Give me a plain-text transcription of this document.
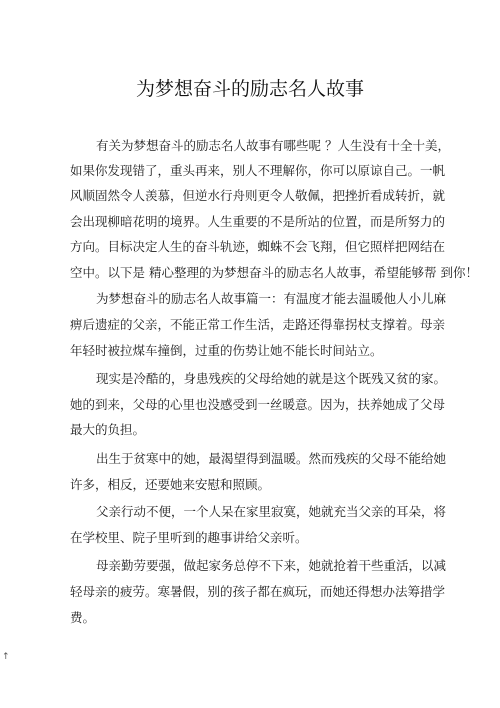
为梦想奋斗的励志名人故事
有关为梦想奋斗的励志名人故事有哪些呢 ？人生没有十全十美，
如果你发现错了，重头再来，别人不理解你，你可以原谅自己。一帆
风顺固然令人羡慕，但逆水行舟则更令人敬佩，把挫折看成转折，就
会出现柳暗花明的境界。人生重要的不是所站的位置，而是所努力的
方向。目标决定人生的奋斗轨迹，蜘蛛不会飞翔，但它照样把网结在
空中。以下是 精心整理的为梦想奋斗的励志名人故事，希望能够帮 到你！
为梦想奋斗的励志名人故事篇一：有温度才能去温暖他人小儿麻
痹后遗症的父亲，不能正常工作生活，走路还得靠拐杖支撑着。母亲
年轻时被拉煤车撞倒，过重的伤势让她不能长时间站立。
现实是冷酷的，身患残疾的父母给她的就是这个既残又贫的家。
她的到来，父母的心里也没感受到一丝暖意。因为，扶养她成了父母
最大的负担。
出生于贫寒中的她，最渴望得到温暖。然而残疾的父母不能给她
许多，相反，还要她来安慰和照顾。
父亲行动不便，一个人呆在家里寂寞，她就充当父亲的耳朵，将
在学校里、院子里听到的趣事讲给父亲听。
母亲勤劳要强，做起家务总停不下来，她就抢着干些重活，以减
轻母亲的疲劳。寒暑假，别的孩子都在疯玩，而她还得想办法筹措学
费。
↑
